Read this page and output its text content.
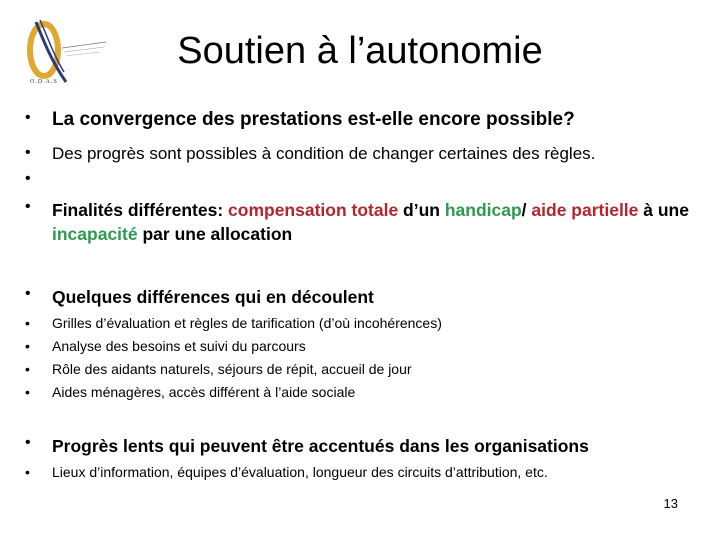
O.D.A.S
Soutien à l’autonomie
•	La convergence des prestations est-elle encore possible?
•	Des progrès sont possibles à condition de changer certaines des règles.
•
•	Finalités différentes: compensation totale d’un handicap/ aide partielle à une incapacité par une allocation
•	Quelques différences qui en découlent
•	Grilles d’évaluation et règles de tarification (d’où incohérences)
•	Analyse des besoins et suivi du parcours
•	Rôle des aidants naturels, séjours de répit, accueil de jour
•	Aides ménagères, accès différent à l’aide sociale
•	Progrès lents qui peuvent être accentués dans les organisations
•	Lieux d’information, équipes d’évaluation, longueur des circuits d’attribution, etc.
13
